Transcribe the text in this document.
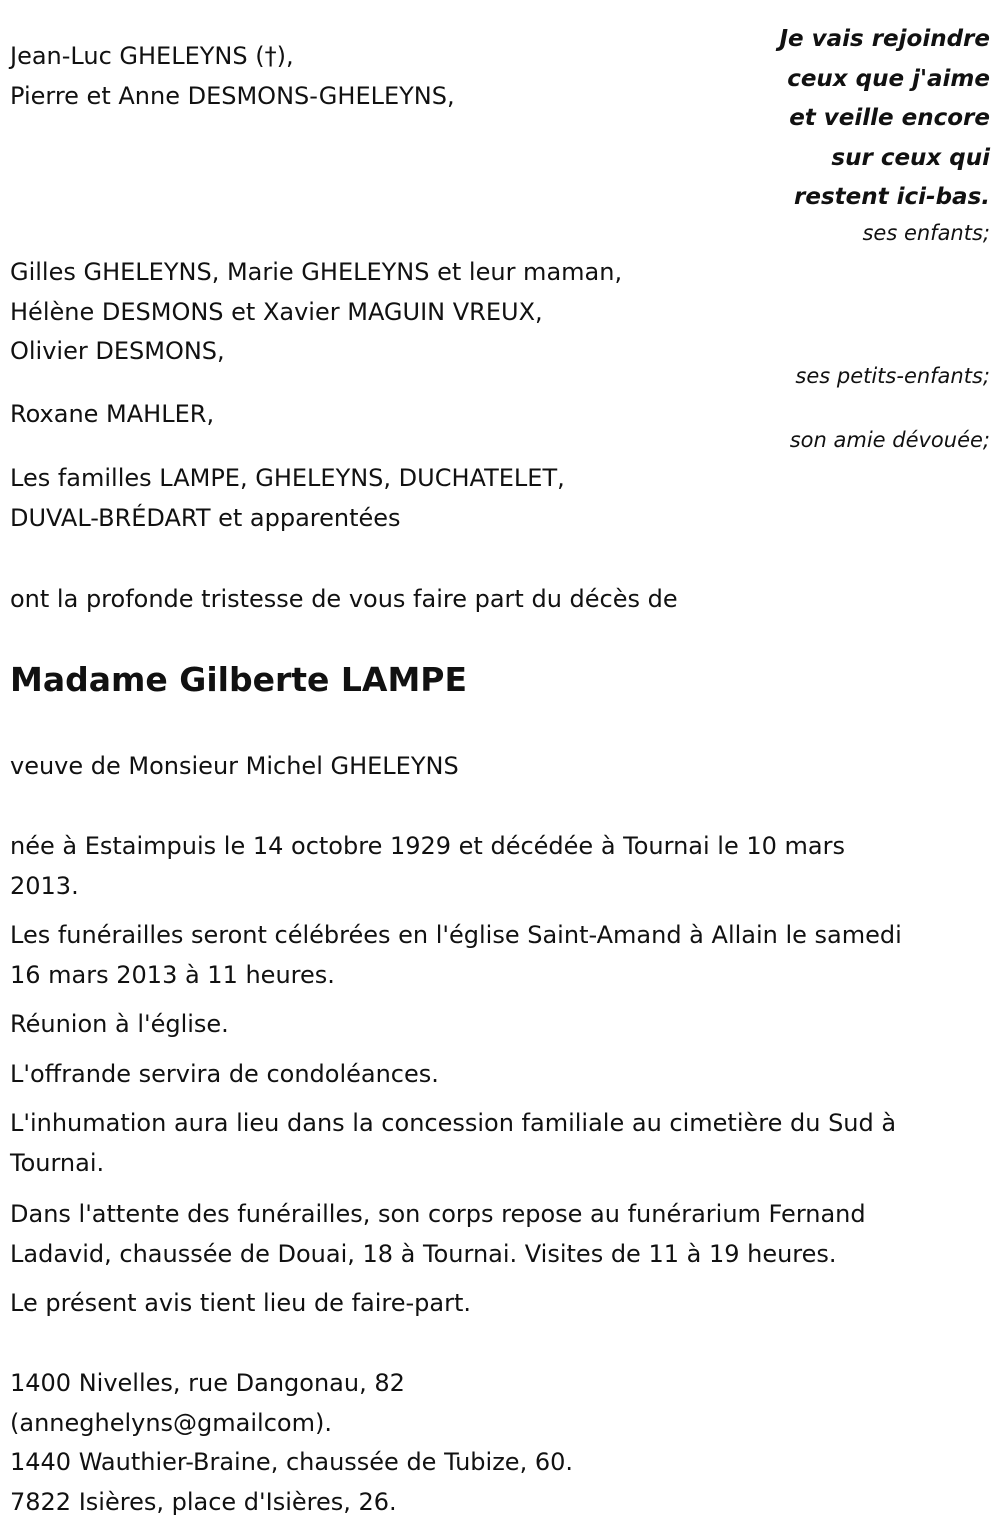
Jean-Luc GHELEYNS (†),
Pierre et Anne DESMONS-GHELEYNS,
Je vais rejoindre
ceux que j'aime
et veille encore
sur ceux qui
restent ici-bas.
ses enfants;
Gilles GHELEYNS, Marie GHELEYNS et leur maman,
Hélène DESMONS et Xavier MAGUIN VREUX,
Olivier DESMONS,
ses petits-enfants;
Roxane MAHLER,
son amie dévouée;
Les familles LAMPE, GHELEYNS, DUCHATELET,
DUVAL-BRÉDART et apparentées
ont la profonde tristesse de vous faire part du décès de
Madame Gilberte LAMPE
veuve de Monsieur Michel GHELEYNS
née à Estaimpuis le 14 octobre 1929 et décédée à Tournai le 10 mars
2013.
Les funérailles seront célébrées en l'église Saint-Amand à Allain le samedi
16 mars 2013 à 11 heures.
Réunion à l'église.
L'offrande servira de condoléances.
L'inhumation aura lieu dans la concession familiale au cimetière du Sud à
Tournai.
Dans l'attente des funérailles, son corps repose au funérarium Fernand
Ladavid, chaussée de Douai, 18 à Tournai. Visites de 11 à 19 heures.
Le présent avis tient lieu de faire-part.
1400 Nivelles, rue Dangonau, 82
(anneghelyns@gmailcom).
1440 Wauthier-Braine, chaussée de Tubize, 60.
7822 Isières, place d'Isières, 26.
